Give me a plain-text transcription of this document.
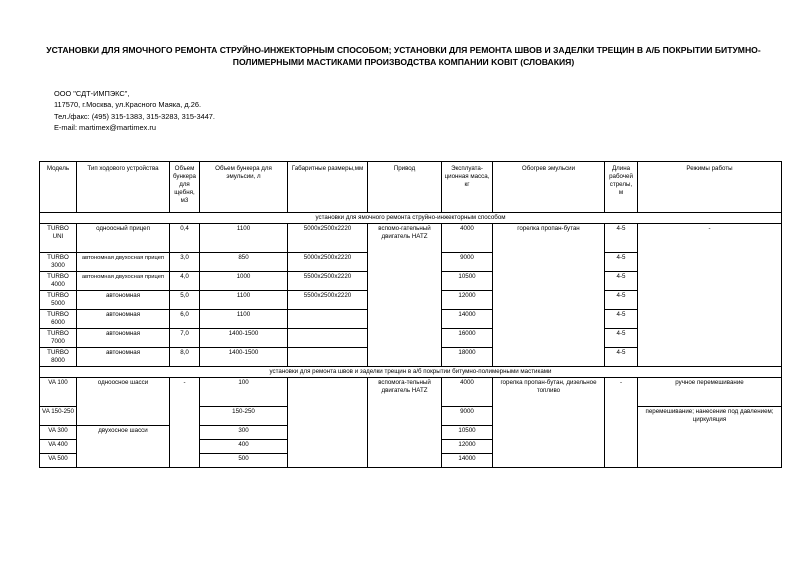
УСТАНОВКИ ДЛЯ ЯМОЧНОГО РЕМОНТА СТРУЙНО-ИНЖЕКТОРНЫМ СПОСОБОМ; УСТАНОВКИ ДЛЯ РЕМОНТА ШВОВ И ЗАДЕЛКИ ТРЕЩИН В А/Б ПОКРЫТИИ БИТУМНО-ПОЛИМЕРНЫМИ МАСТИКАМИ ПРОИЗВОДСТВА КОМПАНИИ KOBIT (СЛОВАКИЯ)
ООО "СДТ-ИМПЭКС",
117570, г.Москва, ул.Красного Маяка, д.26.
Тел./факс: (495) 315-1383, 315-3283, 315-3447.
E-mail: martimex@martimex.ru
Модель	Тип ходового устройства	Объем бункера для щебня, м3	Объем бункера для эмульсии, л	Габаритные размеры,мм	Привод	Эксплуата-ционная масса, кг	Обогрев эмульсии	Длина рабочей стрелы, м	Режимы работы
установки для ямочного ремонта струйно-инжекторным способом									
TURBO UNI	одноосный прицеп	0,4	1100	5000х2500х2220	вспомо-гательный двигатель HATZ	4000	горелка пропан-бутан	4-5	-
TURBO 3000	автономная двухосная прицеп	3,0	850	5000х2500х2220		9000		4-5	
TURBO 4000	автономная двухосная прицеп	4,0	1000	5500х2500х2220		10500		4-5	
TURBO 5000	автономная	5,0	1100	5500х2500х2220		12000		4-5	
TURBO 6000	автономная	6,0	1100			14000		4-5	
TURBO 7000	автономная	7,0	1400-1500			16000		4-5	
TURBO 8000	автономная	8,0	1400-1500			18000		4-5	
установки для ремонта швов и заделки трещин в а/б покрытии битумно-полимерными мастиками									
VA 100	одноосное шасси	-	100		вспомога-тельный двигатель HATZ	4000	горелка пропан-бутан, дизельное топливо	-	ручное перемешивание
VA 150-250			150-250			9000			перемешивание; нанесение под давлением; циркуляция
VA 300	двухосное шасси		300			10500			
VA 400			400			12000			
VA 500			500			14000			
